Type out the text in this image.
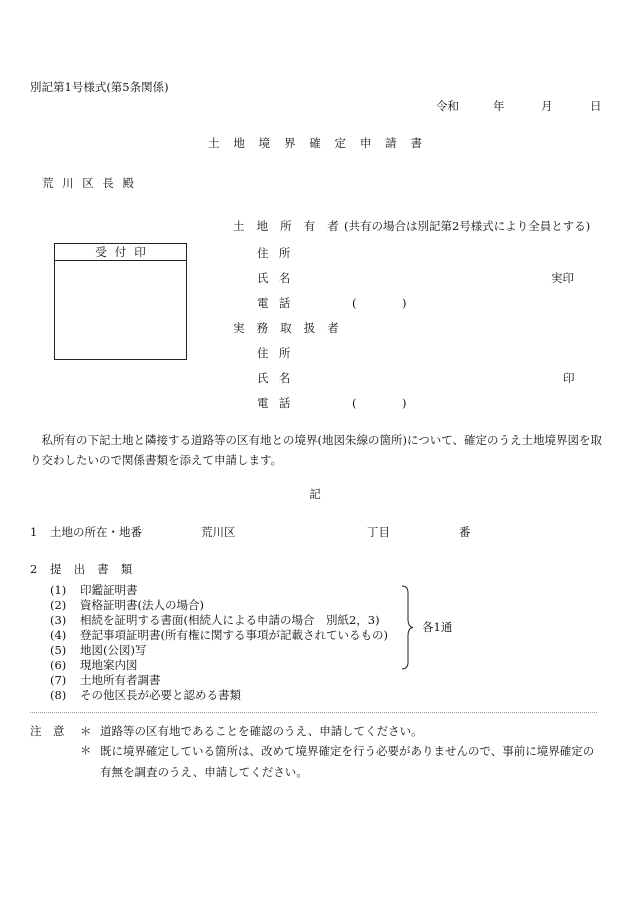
別記第1号様式(第5条関係)
令和	年	月	日
土地境界確定申請書
荒川区長殿
土地所有者
(共有の場合は別記第2号様式により全員とする)
住所
氏名	実印
電話	(	)
受付印
実務取扱者
住所
氏名	印
電話	(	)
私所有の下記土地と隣接する道路等の区有地との境界(地図朱線の箇所)について、確定のうえ土地境界図を取り交わしたいので関係書類を添えて申請します。
記
1 土地の所在・地番	荒川区	丁目	番
2 提出書類
(1) 印鑑証明書
(2) 資格証明書(法人の場合)
(3) 相続を証明する書面(相続人による申請の場合　別紙2，3)
(4) 登記事項証明書(所有権に関する事項が記載されているもの)
(5) 地図(公図)写
(6) 現地案内図
(7) 土地所有者調書
(8) その他区長が必要と認める書類
各1通
注意 ＊ 道路等の区有地であることを確認のうえ、申請してください。
＊ 既に境界確定している箇所は、改めて境界確定を行う必要がありませんので、事前に境界確定の有無を調査のうえ、申請してください。
